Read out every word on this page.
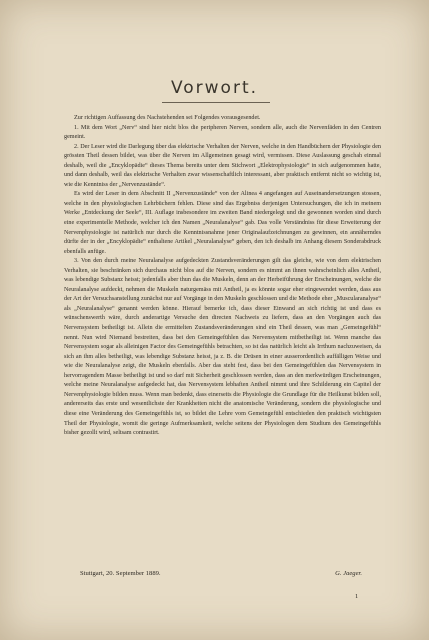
Vorwort.

Zur richtigen Auffassung des Nachstehenden sei Folgendes vorausgesendet.

1. Mit dem Wort „Nerv“ sind hier nicht blos die peripheren Nerven, sondern alle, auch die Nervenfäden in den Centren gemeint.

2. Der Leser wird die Darlegung über das elektrische Verhalten der Nerven, welche in den Handbüchern der Physiologie den grössten Theil dessen bildet, was über die Nerven im Allgemeinen gesagt wird, vermissen. Diese Auslassung geschah einmal deshalb, weil die „Encyklopädie“ dieses Thema bereits unter dem Stichwort „Elektrophysiologie“ in sich aufgenommen hatte, und dann deshalb, weil das elektrische Verhalten zwar wissenschaftlich interessant, aber praktisch entfernt nicht so wichtig ist, wie die Kenntniss der „Nervenzustände“.

Es wird der Leser in dem Abschnitt II „Nervenzustände“ von der Alinea 4 angefangen auf Auseinandersetzungen stossen, welche in den physiologischen Lehrbüchern fehlen. Diese sind das Ergebniss derjenigen Untersuchungen, die ich in meinem Werke „Entdeckung der Seele“, III. Auflage insbesondere im zweiten Band niedergelegt und die gewonnen worden sind durch eine experimentelle Methode, welcher ich den Namen „Neuralanalyse“ gab. Das volle Verständniss für diese Erweiterung der Nervenphysiologie ist natürlich nur durch die Kenntnissnahme jener Originalaufzeichnungen zu gewinnen, ein annäherndes dürfte der in der „Encyklopädie“ enthaltene Artikel „Neuralanalyse“ geben, den ich deshalb im Anhang diesem Sonderabdruck ebenfalls anfüge.

3. Von den durch meine Neuralanalyse aufgedeckten Zustandsveränderungen gilt das gleiche, wie von dem elektrischen Verhalten, sie beschränken sich durchaus nicht blos auf die Nerven, sondern es nimmt an ihnen wahrscheinlich alles Antheil, was lebendige Substanz heisst; jedenfalls aber thun das die Muskeln, denn an der Herbeiführung der Erscheinungen, welche die Neuralanalyse aufdeckt, nehmen die Muskeln naturgemäss mit Antheil, ja es könnte sogar eher eingewendet werden, dass aus der Art der Versuchsanstellung zunächst nur auf Vorgänge in den Muskeln geschlossen und die Methode eher „Muscularanalyse“ als „Neuralanalyse“ genannt werden könne. Hierauf bemerke ich, dass dieser Einwand an sich richtig ist und dass es wünschenswerth wäre, durch anderartige Versuche den directen Nachweis zu liefern, dass an den Vorgängen auch das Nervensystem betheiligt ist. Allein die ermittelten Zustandsveränderungen sind ein Theil dessen, was man „Gemeingefühl“ nennt. Nun wird Niemand bestreiten, dass bei den Gemeingefühlen das Nervensystem mitbetheiligt ist. Wenn manche das Nervensystem sogar als alleinigen Factor des Gemeingefühls betrachten, so ist das natürlich leicht als Irrthum nachzuweisen, da sich an ihm alles betheiligt, was lebendige Substanz heisst, ja z. B. die Drüsen in einer ausserordentlich auffälligen Weise und wie die Neuralanalyse zeigt, die Muskeln ebenfalls. Aber das steht fest, dass bei den Gemeingefühlen das Nervensystem in hervorragendem Masse betheiligt ist und so darf mit Sicherheit geschlossen werden, dass an den merkwürdigen Erscheinungen, welche meine Neuralanalyse aufgedeckt hat, das Nervensystem lebhaften Antheil nimmt und ihre Schilderung ein Capitel der Nervenphysiologie bilden muss. Wenn man bedenkt, dass einerseits die Physiologie die Grundlage für die Heilkunst bilden soll, andererseits das erste und wesentlichste der Krankheiten nicht die anatomische Veränderung, sondern die physiologische und diese eine Veränderung des Gemeingefühls ist, so bildet die Lehre vom Gemeingefühl entschieden den praktisch wichtigsten Theil der Physiologie, womit die geringe Aufmerksamkeit, welche seitens der Physiologen dem Studium des Gemeingefühls bisher gezollt wird, seltsam contrastirt.

Stuttgart, 20. September 1889.	G. Jaeger.
1
